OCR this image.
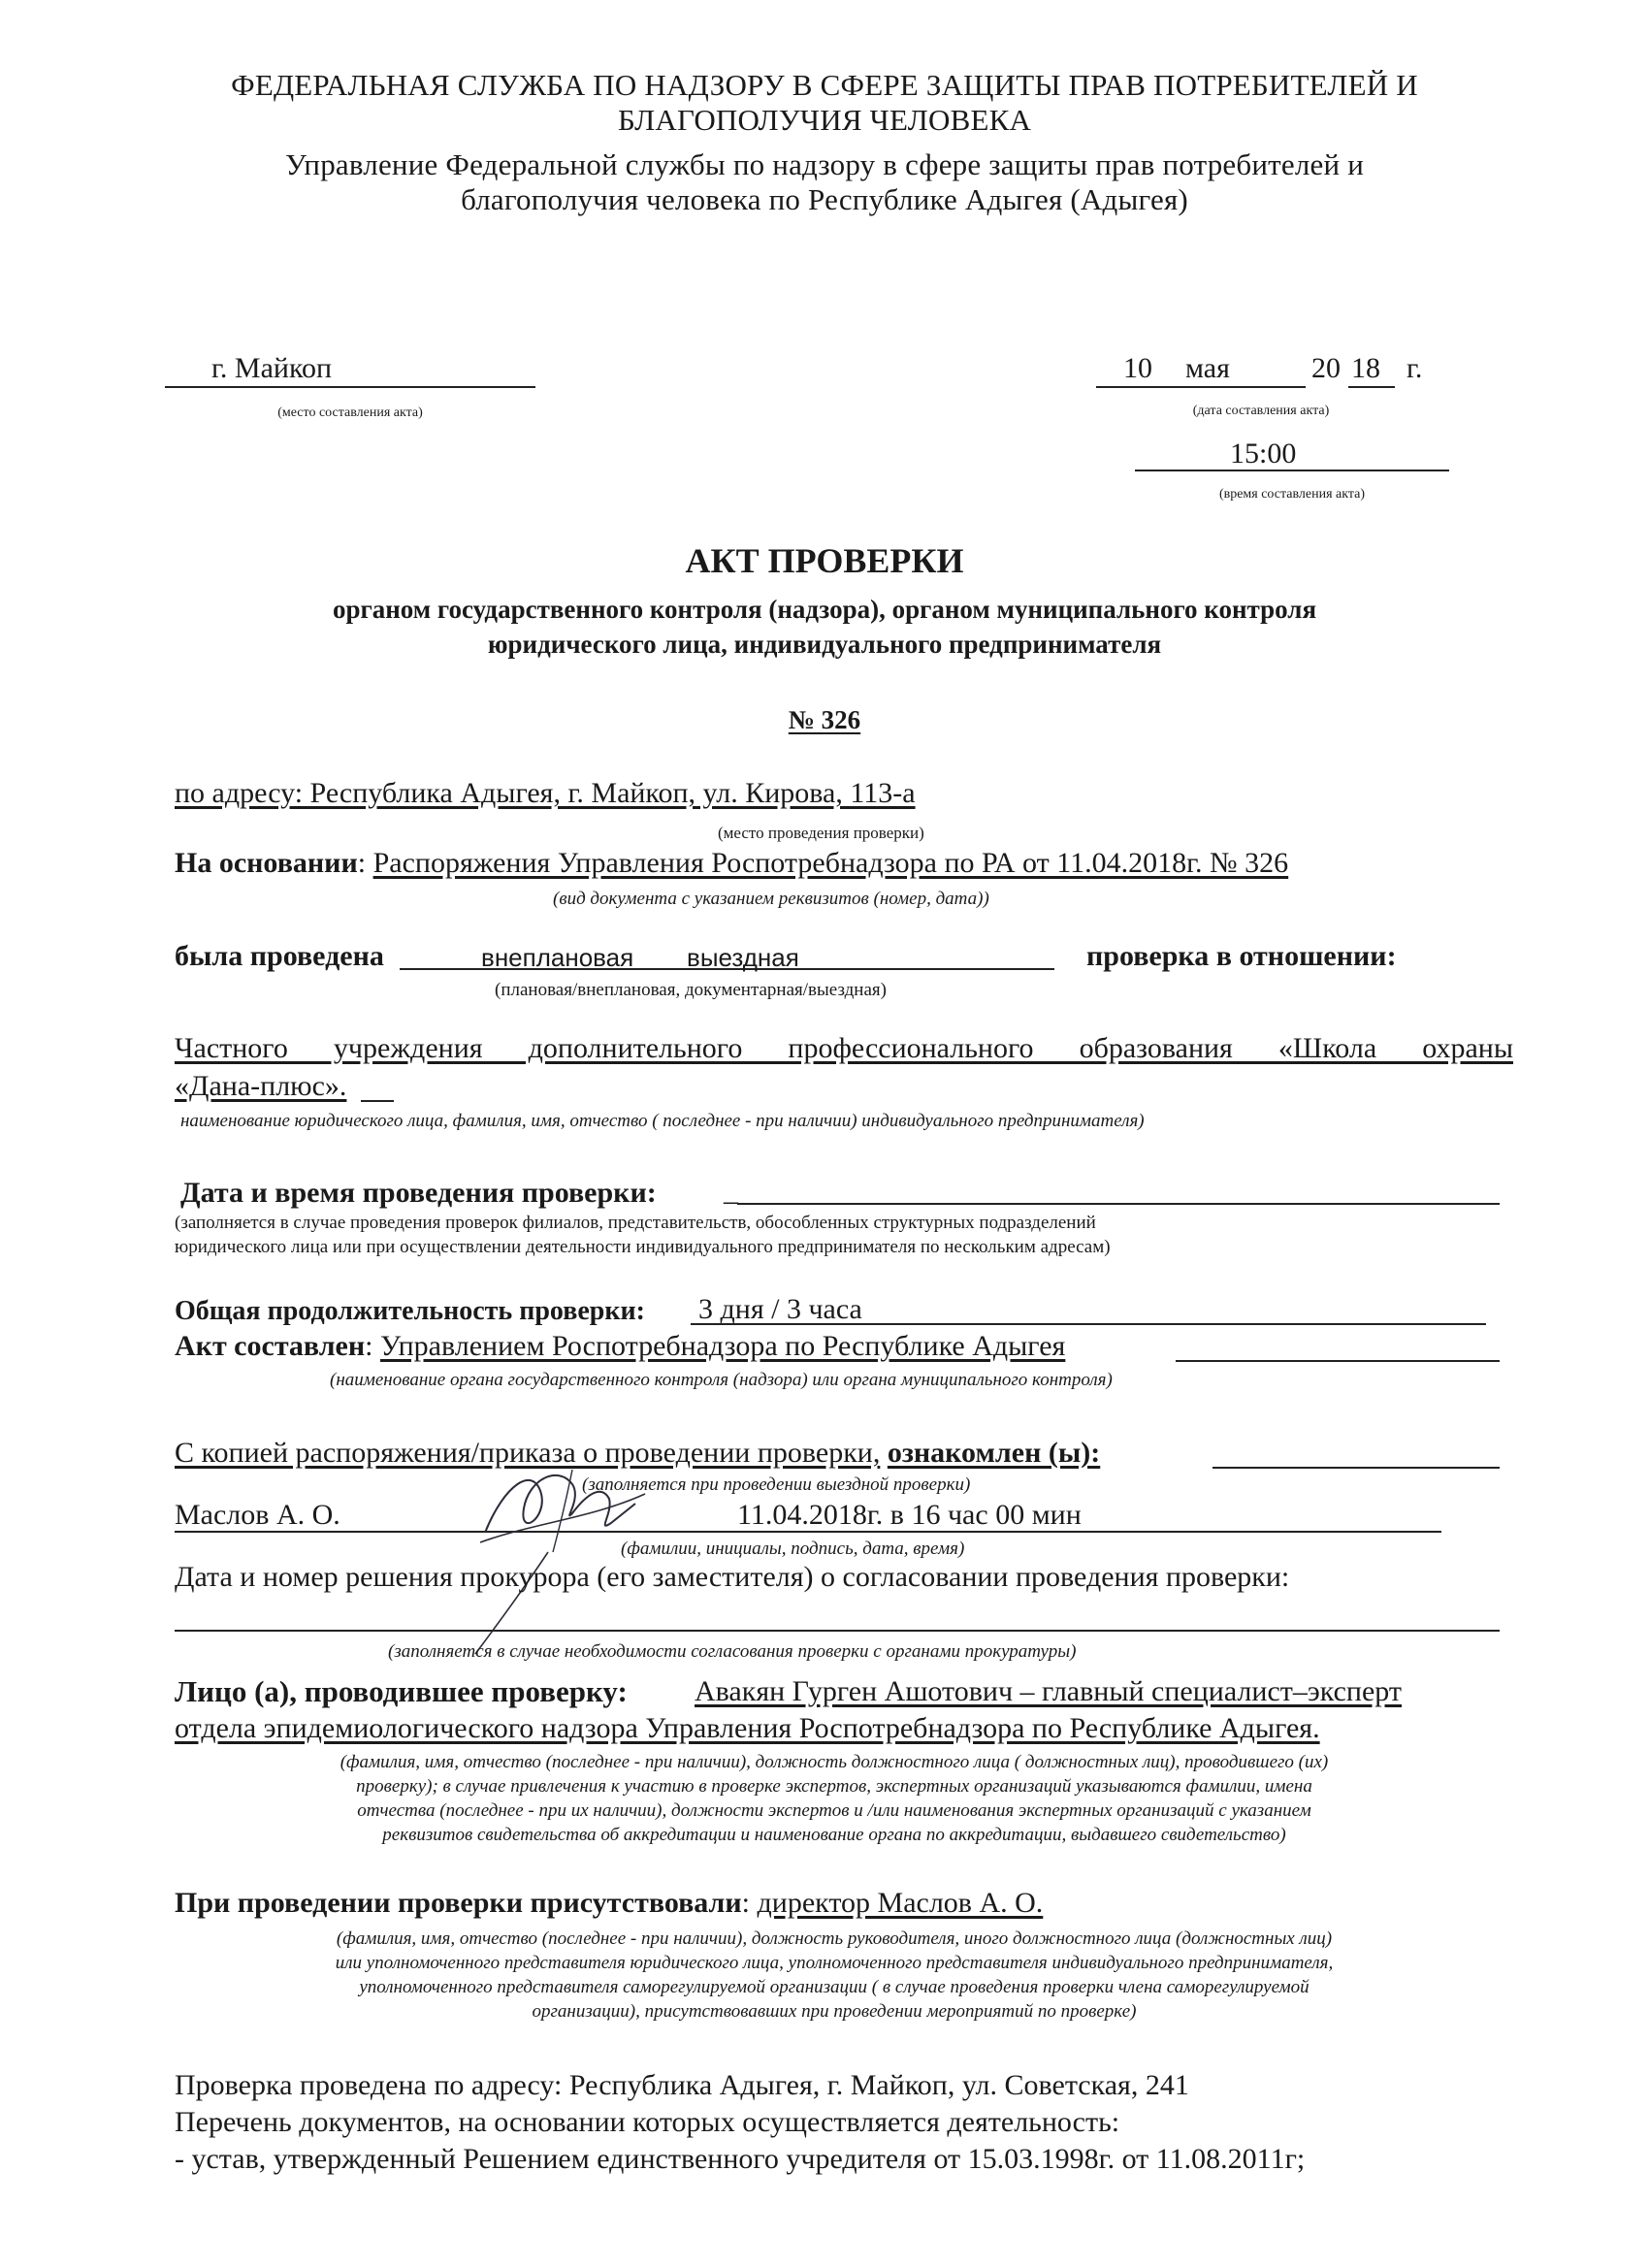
ФЕДЕРАЛЬНАЯ СЛУЖБА ПО НАДЗОРУ В СФЕРЕ ЗАЩИТЫ ПРАВ ПОТРЕБИТЕЛЕЙ И
БЛАГОПОЛУЧИЯ ЧЕЛОВЕКА
Управление Федеральной службы по надзору в сфере защиты прав потребителей и
благополучия человека по Республике Адыгея (Адыгея)
г. Майкоп
(место составления акта)
10 мая	20 18 г.
(дата составления акта)
15:00
(время составления акта)
АКТ ПРОВЕРКИ
органом государственного контроля (надзора), органом муниципального контроля
юридического лица, индивидуального предпринимателя
№ 326
по адресу: Республика Адыгея, г. Майкоп, ул. Кирова, 113-а
(место проведения проверки)
На основании: Распоряжения Управления Роспотребнадзора по РА от 11.04.2018г. № 326
(вид документа с указанием реквизитов (номер, дата))
была проведена	внеплановая выездная	проверка в отношении:
(плановая/внеплановая, документарная/выездная)
Частного учреждения дополнительного профессионального образования «Школа охраны
«Дана-плюс».
наименование юридического лица, фамилия, имя, отчество ( последнее - при наличии) индивидуального предпринимателя)
Дата и время проведения проверки: _
(заполняется в случае проведения проверок филиалов, представительств, обособленных структурных подразделений
юридического лица или при осуществлении деятельности индивидуального предпринимателя по нескольким адресам)
Общая продолжительность проверки: 3 дня / 3 часа
Акт составлен: Управлением Роспотребнадзора по Республике Адыгея
(наименование органа государственного контроля (надзора) или органа муниципального контроля)
С копией распоряжения/приказа о проведении проверки, ознакомлен (ы):
(заполняется при проведении выездной проверки)
Маслов А. О.	11.04.2018г. в 16 час 00 мин
(фамилии, инициалы, подпись, дата, время)
Дата и номер решения прокурора (его заместителя) о согласовании проведения проверки:
(заполняется в случае необходимости согласования проверки с органами прокуратуры)
Лицо (а), проводившее проверку: Авакян Гурген Ашотович – главный специалист–эксперт
отдела эпидемиологического надзора Управления Роспотребнадзора по Республике Адыгея.
(фамилия, имя, отчество (последнее - при наличии), должность должностного лица ( должностных лиц), проводившего (их)
проверку); в случае привлечения к участию в проверке экспертов, экспертных организаций указываются фамилии, имена
отчества (последнее - при их наличии), должности экспертов и /или наименования экспертных организаций с указанием
реквизитов свидетельства об аккредитации и наименование органа по аккредитации, выдавшего свидетельство)
При проведении проверки присутствовали: директор Маслов А. О.
(фамилия, имя, отчество (последнее - при наличии), должность руководителя, иного должностного лица (должностных лиц)
или уполномоченного представителя юридического лица, уполномоченного представителя индивидуального предпринимателя,
уполномоченного представителя саморегулируемой организации ( в случае проведения проверки члена саморегулируемой
организации), присутствовавших при проведении мероприятий по проверке)
Проверка проведена по адресу: Республика Адыгея, г. Майкоп, ул. Советская, 241
Перечень документов, на основании которых осуществляется деятельность:
- устав, утвержденный Решением единственного учредителя от 15.03.1998г. от 11.08.2011г;
